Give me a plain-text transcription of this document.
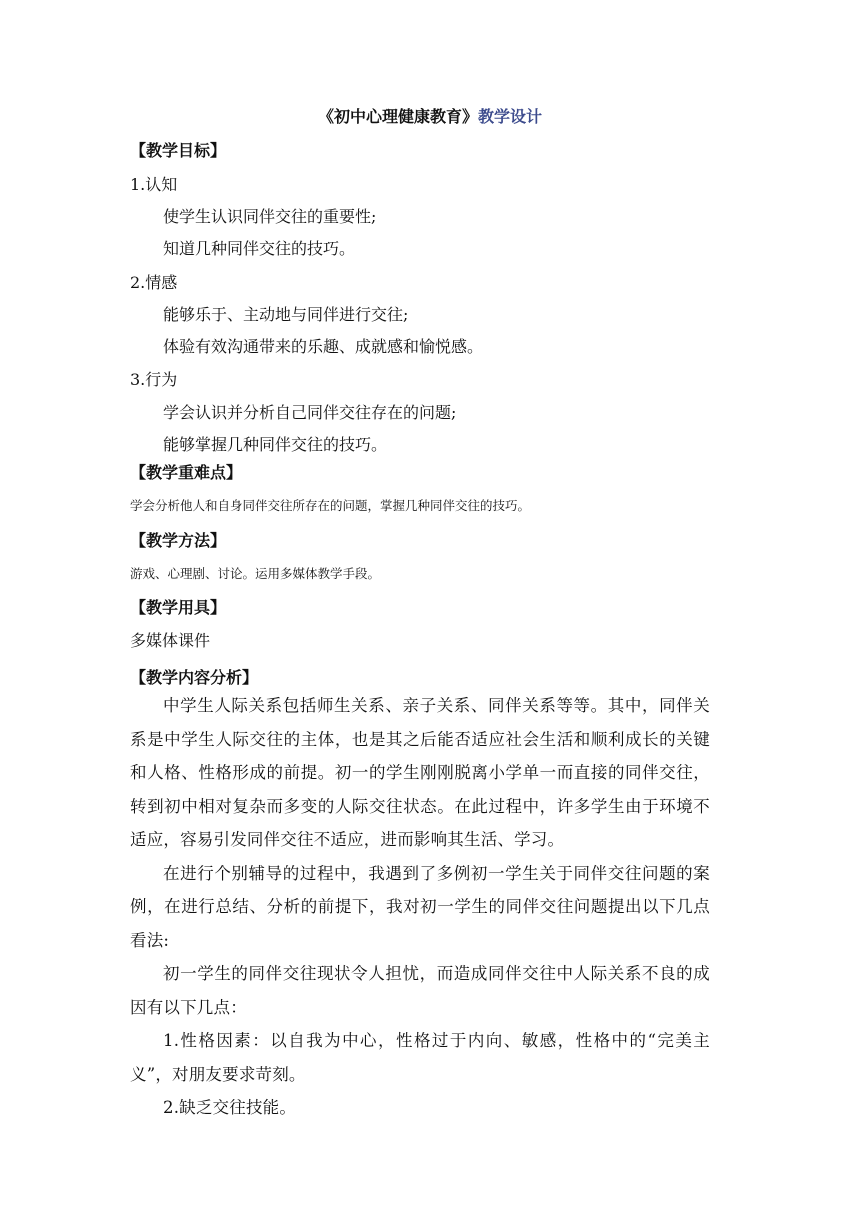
《初中心理健康教育》教学设计
【教学目标】
1.认知
使学生认识同伴交往的重要性;
知道几种同伴交往的技巧。
2.情感
能够乐于、主动地与同伴进行交往;
体验有效沟通带来的乐趣、成就感和愉悦感。
3.行为
学会认识并分析自己同伴交往存在的问题;
能够掌握几种同伴交往的技巧。
【教学重难点】
学会分析他人和自身同伴交往所存在的问题，掌握几种同伴交往的技巧。
【教学方法】
游戏、心理剧、讨论。运用多媒体教学手段。
【教学用具】
多媒体课件
【教学内容分析】

中学生人际关系包括师生关系、亲子关系、同伴关系等等。其中，同伴关系是中学生人际交往的主体，也是其之后能否适应社会生活和顺利成长的关键和人格、性格形成的前提。初一的学生刚刚脱离小学单一而直接的同伴交往，转到初中相对复杂而多变的人际交往状态。在此过程中，许多学生由于环境不适应，容易引发同伴交往不适应，进而影响其生活、学习。

在进行个别辅导的过程中，我遇到了多例初一学生关于同伴交往问题的案例，在进行总结、分析的前提下，我对初一学生的同伴交往问题提出以下几点看法:

初一学生的同伴交往现状令人担忧，而造成同伴交往中人际关系不良的成因有以下几点：

1.性格因素：以自我为中心，性格过于内向、敏感，性格中的“完美主义”，对朋友要求苛刻。

2.缺乏交往技能。
